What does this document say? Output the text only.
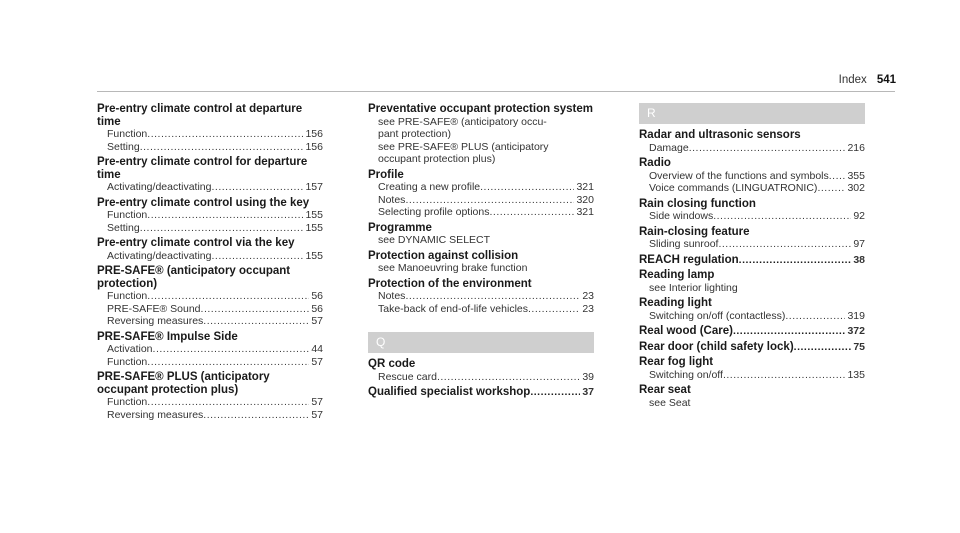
Index 541
Pre-entry climate control at departure time
Function .....	156
Setting .....	156
Pre-entry climate control for departure time
Activating/deactivating .....	157
Pre-entry climate control using the key
Function .....	155
Setting .....	155
Pre-entry climate control via the key
Activating/deactivating .....	155
PRE-SAFE® (anticipatory occupant protection)
Function .....	56
PRE-SAFE® Sound .....	56
Reversing measures .....	57
PRE-SAFE® Impulse Side
Activation .....	44
Function .....	57
PRE-SAFE® PLUS (anticipatory occupant protection plus)
Function .....	57
Reversing measures .....	57
Preventative occupant protection system
see PRE-SAFE® (anticipatory occu-
pant protection)
see PRE-SAFE® PLUS (anticipatory
occupant protection plus)
Profile
Creating a new profile .....	321
Notes .....	320
Selecting profile options .....	321
Programme
see DYNAMIC SELECT
Protection against collision
see Manoeuvring brake function
Protection of the environment
Notes .....	23
Take-back of end-of-life vehicles .....	23
Q
QR code
Rescue card .....	39
Qualified specialist workshop .....	37
R
Radar and ultrasonic sensors
Damage .....	216
Radio
Overview of the functions and symbols ..... 355
Voice commands (LINGUATRONIC) .....	302
Rain closing function
Side windows .....	92
Rain-closing feature
Sliding sunroof .....	97
REACH regulation .....	38
Reading lamp
see Interior lighting
Reading light
Switching on/off (contactless) .....	319
Real wood (Care) .....	372
Rear door (child safety lock) .....	75
Rear fog light
Switching on/off .....	135
Rear seat
see Seat
